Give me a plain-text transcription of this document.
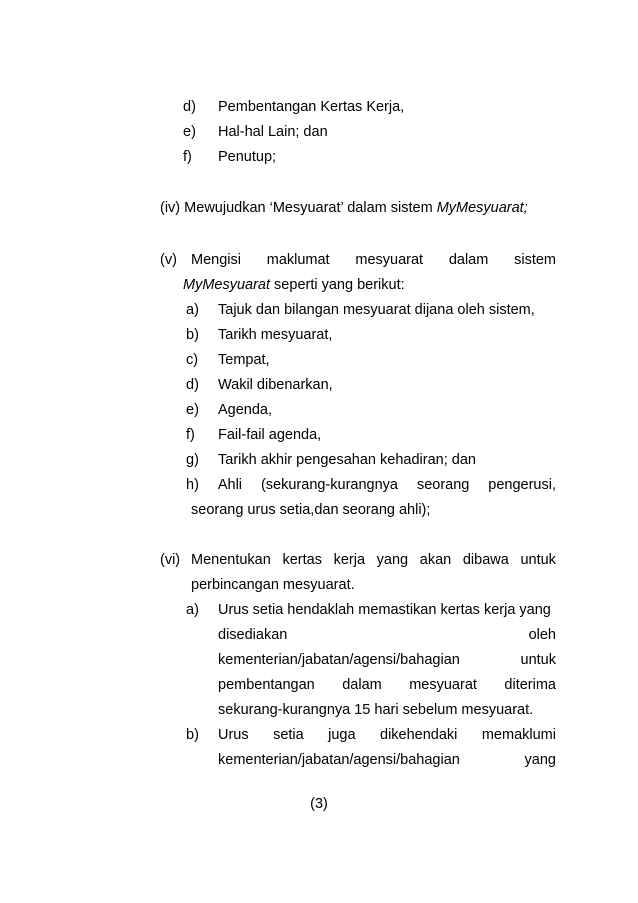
d) Pembentangan Kertas Kerja,
e) Hal-hal Lain; dan
f) Penutup;
(iv) Mewujudkan ‘Mesyuarat’ dalam sistem MyMesyuarat;
(v) Mengisi maklumat mesyuarat dalam sistem
MyMesyuarat seperti yang berikut:
a) Tajuk dan bilangan mesyuarat dijana oleh sistem,
b) Tarikh mesyuarat,
c) Tempat,
d) Wakil dibenarkan,
e) Agenda,
f) Fail-fail agenda,
g) Tarikh akhir pengesahan kehadiran; dan
h) Ahli (sekurang-kurangnya seorang pengerusi,
seorang urus setia,dan seorang ahli);
(vi) Menentukan kertas kerja yang akan dibawa untuk
perbincangan mesyuarat.
a) Urus setia hendaklah memastikan kertas kerja yang
disediakan	oleh
kementerian/jabatan/agensi/bahagian	untuk
pembentangan dalam mesyuarat diterima
sekurang-kurangnya 15 hari sebelum mesyuarat.
b) Urus setia juga dikehendaki memaklumi
kementerian/jabatan/agensi/bahagian	yang
(3)
